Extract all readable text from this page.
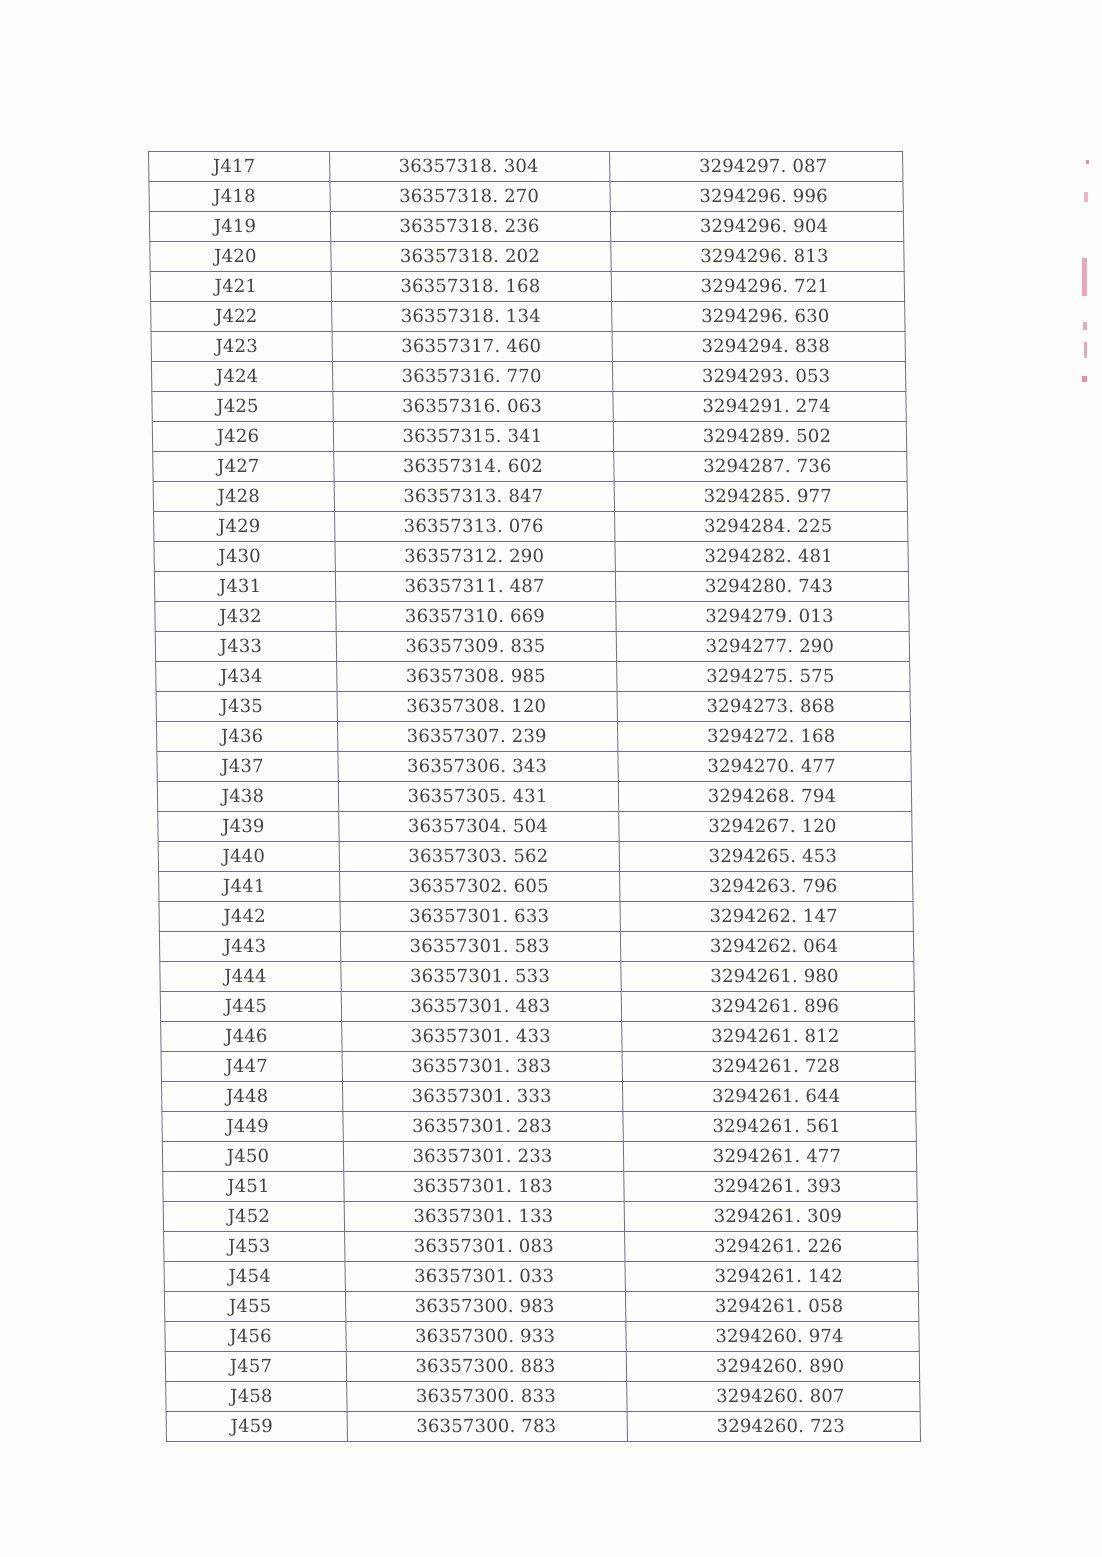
J417	36357318. 304	3294297. 087
J418	36357318. 270	3294296. 996
J419	36357318. 236	3294296. 904
J420	36357318. 202	3294296. 813
J421	36357318. 168	3294296. 721
J422	36357318. 134	3294296. 630
J423	36357317. 460	3294294. 838
J424	36357316. 770	3294293. 053
J425	36357316. 063	3294291. 274
J426	36357315. 341	3294289. 502
J427	36357314. 602	3294287. 736
J428	36357313. 847	3294285. 977
J429	36357313. 076	3294284. 225
J430	36357312. 290	3294282. 481
J431	36357311. 487	3294280. 743
J432	36357310. 669	3294279. 013
J433	36357309. 835	3294277. 290
J434	36357308. 985	3294275. 575
J435	36357308. 120	3294273. 868
J436	36357307. 239	3294272. 168
J437	36357306. 343	3294270. 477
J438	36357305. 431	3294268. 794
J439	36357304. 504	3294267. 120
J440	36357303. 562	3294265. 453
J441	36357302. 605	3294263. 796
J442	36357301. 633	3294262. 147
J443	36357301. 583	3294262. 064
J444	36357301. 533	3294261. 980
J445	36357301. 483	3294261. 896
J446	36357301. 433	3294261. 812
J447	36357301. 383	3294261. 728
J448	36357301. 333	3294261. 644
J449	36357301. 283	3294261. 561
J450	36357301. 233	3294261. 477
J451	36357301. 183	3294261. 393
J452	36357301. 133	3294261. 309
J453	36357301. 083	3294261. 226
J454	36357301. 033	3294261. 142
J455	36357300. 983	3294261. 058
J456	36357300. 933	3294260. 974
J457	36357300. 883	3294260. 890
J458	36357300. 833	3294260. 807
J459	36357300. 783	3294260. 723
